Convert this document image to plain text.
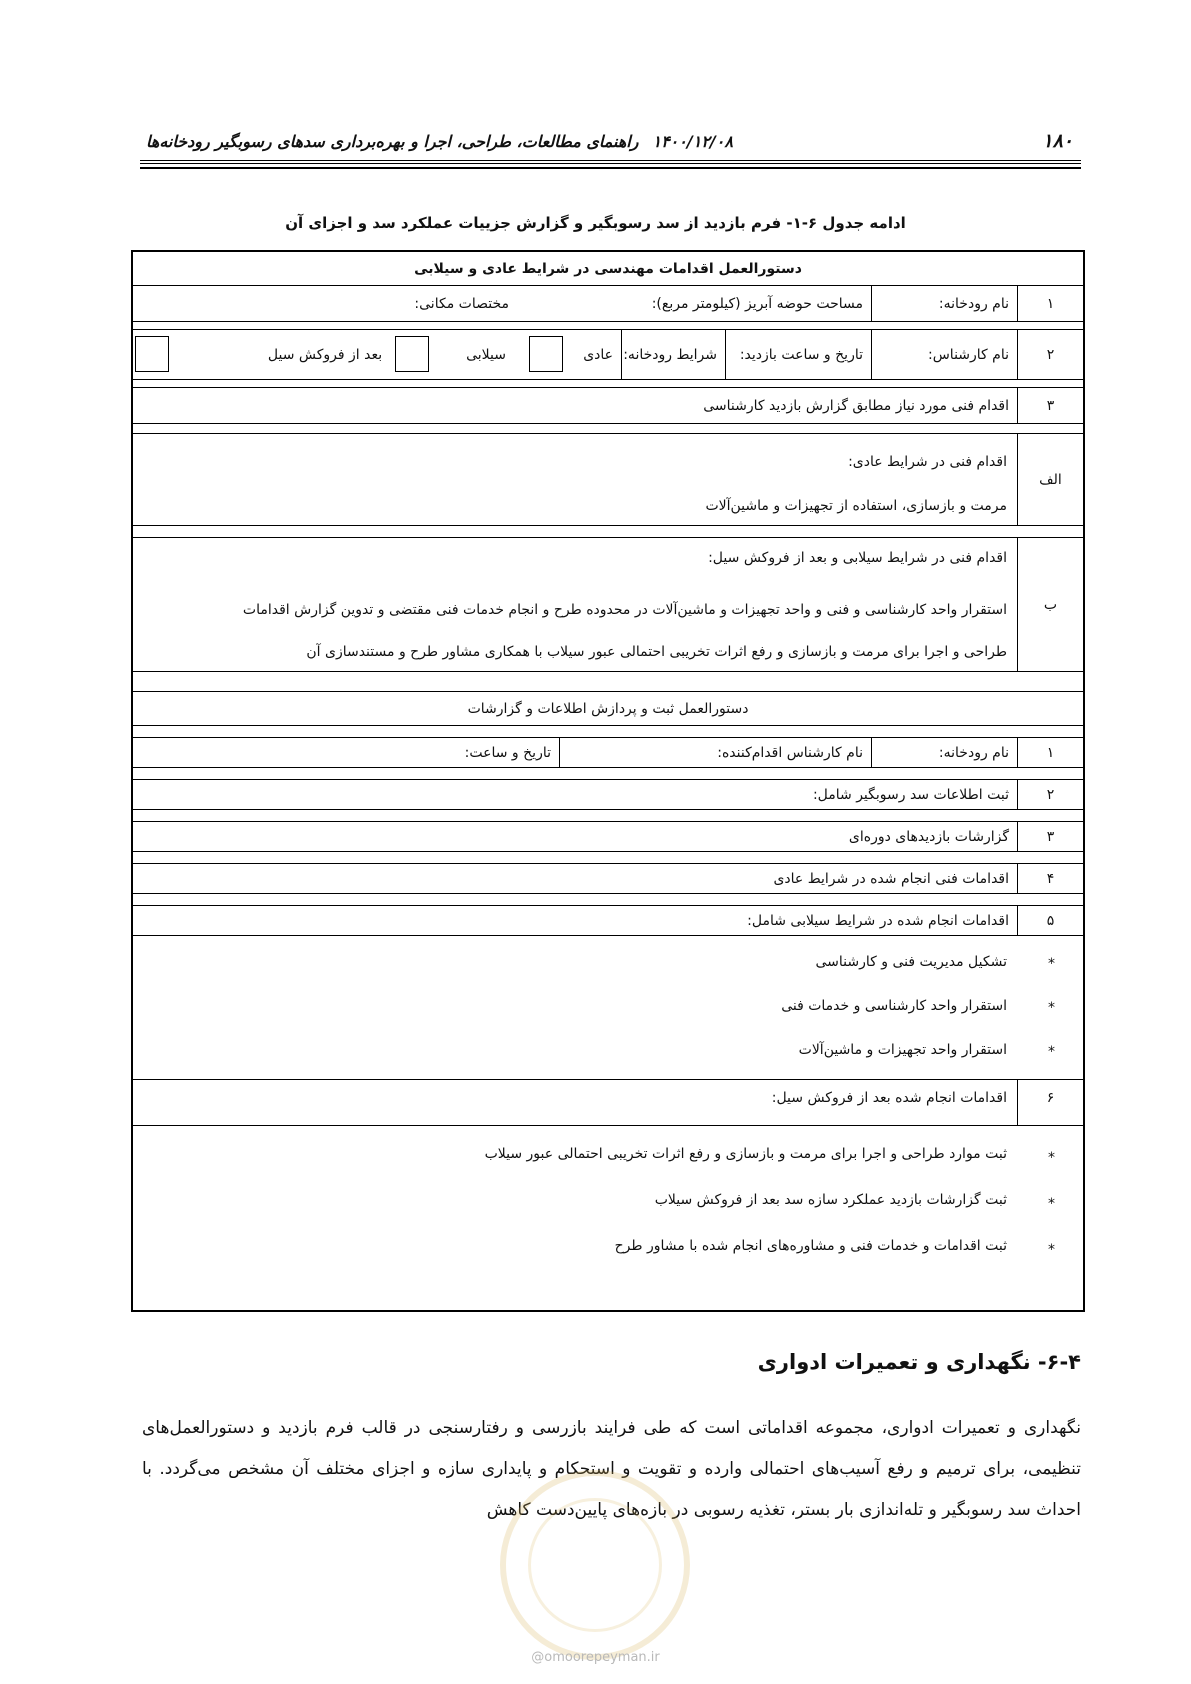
۱۸۰
۱۴۰۰/۱۲/۰۸راهنمای مطالعات، طراحی، اجرا و بهره‌برداری سدهای رسوبگیر رودخانه‌ها
ادامه جدول ۶-۱- فرم بازدید از سد رسوبگیر و گزارش جزییات عملکرد سد و اجزای آن
دستورالعمل اقدامات مهندسی در شرایط عادی و سیلابی
۱
نام رودخانه:
مساحت حوضه آبریز (کیلومتر مربع):
مختصات مکانی:
۲
نام کارشناس:
تاریخ و ساعت بازدید:
شرایط رودخانه:
عادی
سیلابی
بعد از فروکش سیل
۳
اقدام فنی مورد نیاز مطابق گزارش بازدید کارشناسی
الف
اقدام فنی در شرایط عادی:
مرمت و بازسازی، استفاده از تجهیزات و ماشین‌آلات
ب
اقدام فنی در شرایط سیلابی و بعد از فروکش سیل:
استقرار واحد کارشناسی و فنی و واحد تجهیزات و ماشین‌آلات در محدوده طرح و انجام خدمات فنی مقتضی و تدوین گزارش اقدامات
طراحی و اجرا برای مرمت و بازسازی و رفع اثرات تخریبی احتمالی عبور سیلاب با همکاری مشاور طرح و مستندسازی آن
دستورالعمل ثبت و پردازش اطلاعات و گزارشات
۱
نام رودخانه:
نام کارشناس اقدام‌کننده:
تاریخ و ساعت:
۲
ثبت اطلاعات سد رسوبگیر شامل:
۳
گزارشات بازدیدهای دوره‌ای
۴
اقدامات فنی انجام شده در شرایط عادی
۵
اقدامات انجام شده در شرایط سیلابی شامل:
*
تشکیل مدیریت فنی و کارشناسی
*
استقرار واحد کارشناسی و خدمات فنی
*
استقرار واحد تجهیزات و ماشین‌آلات
۶
اقدامات انجام شده بعد از فروکش سیل:
*
ثبت موارد طراحی و اجرا برای مرمت و بازسازی و رفع اثرات تخریبی احتمالی عبور سیلاب
*
ثبت گزارشات بازدید عملکرد سازه سد بعد از فروکش سیلاب
*
ثبت اقدامات و خدمات فنی و مشاوره‌های انجام شده با مشاور طرح
۶-۴- نگهداری و تعمیرات ادواری
نگهداری و تعمیرات ادواری، مجموعه اقداماتی است که طی فرایند بازرسی و رفتارسنجی در قالب فرم بازدید و دستورالعمل‌های تنظیمی، برای ترمیم و رفع آسیب‌های احتمالی وارده و تقویت و استحکام و پایداری سازه و اجزای مختلف آن مشخص می‌گردد. با احداث سد رسوبگیر و تله‌اندازی بار بستر، تغذیه رسوبی در بازه‌های پایین‌دست کاهش
@omoorepeyman.ir
